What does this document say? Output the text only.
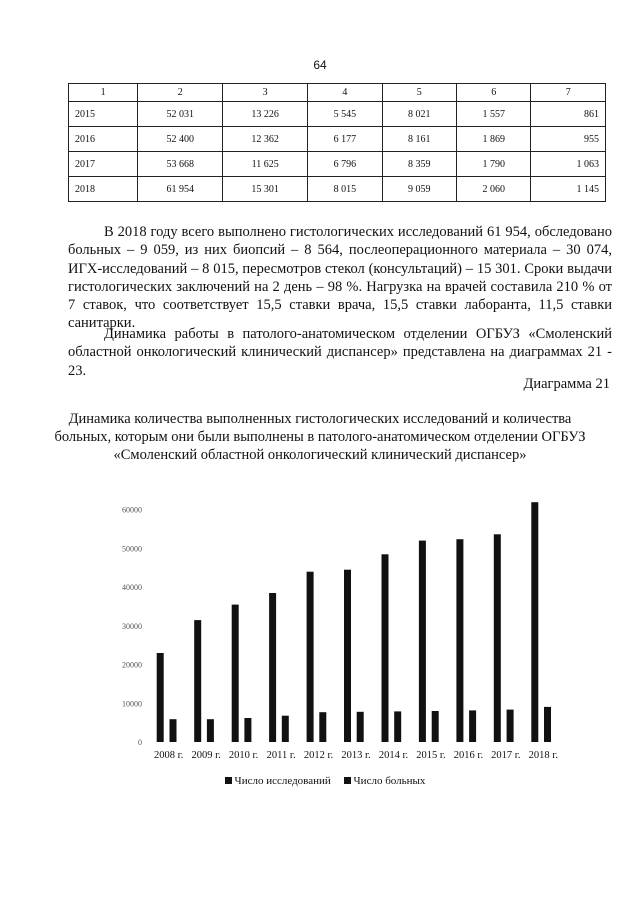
64
1	2	3	4	5	6	7
2015	52 031	13 226	5 545	8 021	1 557	861
2016	52 400	12 362	6 177	8 161	1 869	955
2017	53 668	11 625	6 796	8 359	1 790	1 063
2018	61 954	15 301	8 015	9 059	2 060	1 145

В 2018 году всего выполнено гистологических исследований 61 954, обследовано больных – 9 059, из них биопсий – 8 564, послеоперационного материала – 30 074, ИГХ-исследований – 8 015, пересмотров стекол (консультаций) – 15 301. Сроки выдачи гистологических заключений на 2 день – 98 %. Нагрузка на врачей составила 210 % от 7 ставок, что соответствует 15,5 ставки врача, 15,5 ставки лаборанта, 11,5 ставки санитарки.

Динамика работы в патолого-анатомическом отделении ОГБУЗ «Смоленский областной онкологический клинический диспансер» представлена на диаграммах 21 - 23.

Диаграмма 21
Динамика количества выполненных гистологических исследований и количества больных, которым они были выполнены в патолого-анатомическом отделении ОГБУЗ «Смоленский областной онкологический клинический диспансер»
0
10000
20000
30000
40000
50000
60000
2008 г. 2009 г. 2010 г. 2011 г. 2012 г. 2013 г. 2014 г. 2015 г. 2016 г. 2017 г. 2018 г.
Число исследований Число больных
